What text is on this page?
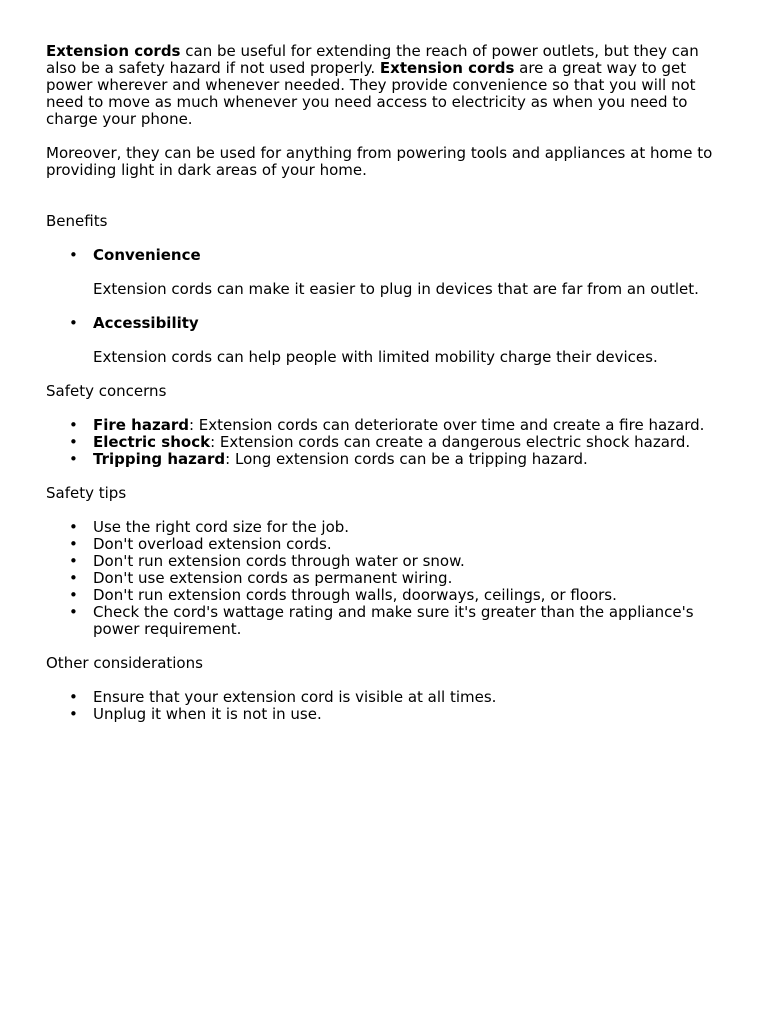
Extension cords can be useful for extending the reach of power outlets, but they can also be a safety hazard if not used properly. Extension cords are a great way to get power wherever and whenever needed. They provide convenience so that you will not need to move as much whenever you need access to electricity as when you need to charge your phone.

Moreover, they can be used for anything from powering tools and appliances at home to providing light in dark areas of your home.

Benefits

• Convenience
Extension cords can make it easier to plug in devices that are far from an outlet.
• Accessibility
Extension cords can help people with limited mobility charge their devices.

Safety concerns

• Fire hazard: Extension cords can deteriorate over time and create a fire hazard.
• Electric shock: Extension cords can create a dangerous electric shock hazard.
• Tripping hazard: Long extension cords can be a tripping hazard.

Safety tips

• Use the right cord size for the job.
• Don't overload extension cords.
• Don't run extension cords through water or snow.
• Don't use extension cords as permanent wiring.
• Don't run extension cords through walls, doorways, ceilings, or floors.
• Check the cord's wattage rating and make sure it's greater than the appliance's power requirement.

Other considerations

• Ensure that your extension cord is visible at all times.
• Unplug it when it is not in use.
